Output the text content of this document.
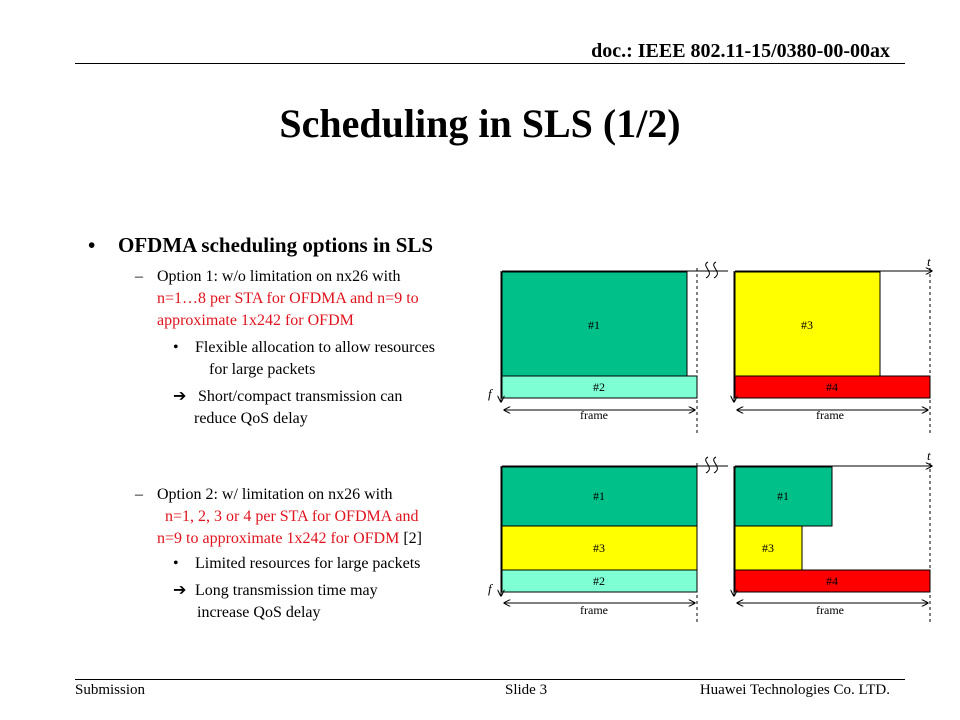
doc.: IEEE 802.11-15/0380-00-00ax
Scheduling in SLS (1/2)
• OFDMA scheduling options in SLS
– Option 1: w/o limitation on nx26 with
n=1…8 per STA for OFDMA and n=9 to
approximate 1x242 for OFDM
• Flexible allocation to allow resources
for large packets
➔ Short/compact transmission can
reduce QoS delay
– Option 2: w/ limitation on nx26 with
n=1, 2, 3 or 4 per STA for OFDMA and
n=9 to approximate 1x242 for OFDM [2]
• Limited resources for large packets
➔ Long transmission time may
increase QoS delay
#1
#2
#3
#4
frame	frame
t
f
#1
#3
#2
#1
#3
#4
frame	frame
t
f
Submission	Slide 3	Huawei Technologies Co. LTD.
